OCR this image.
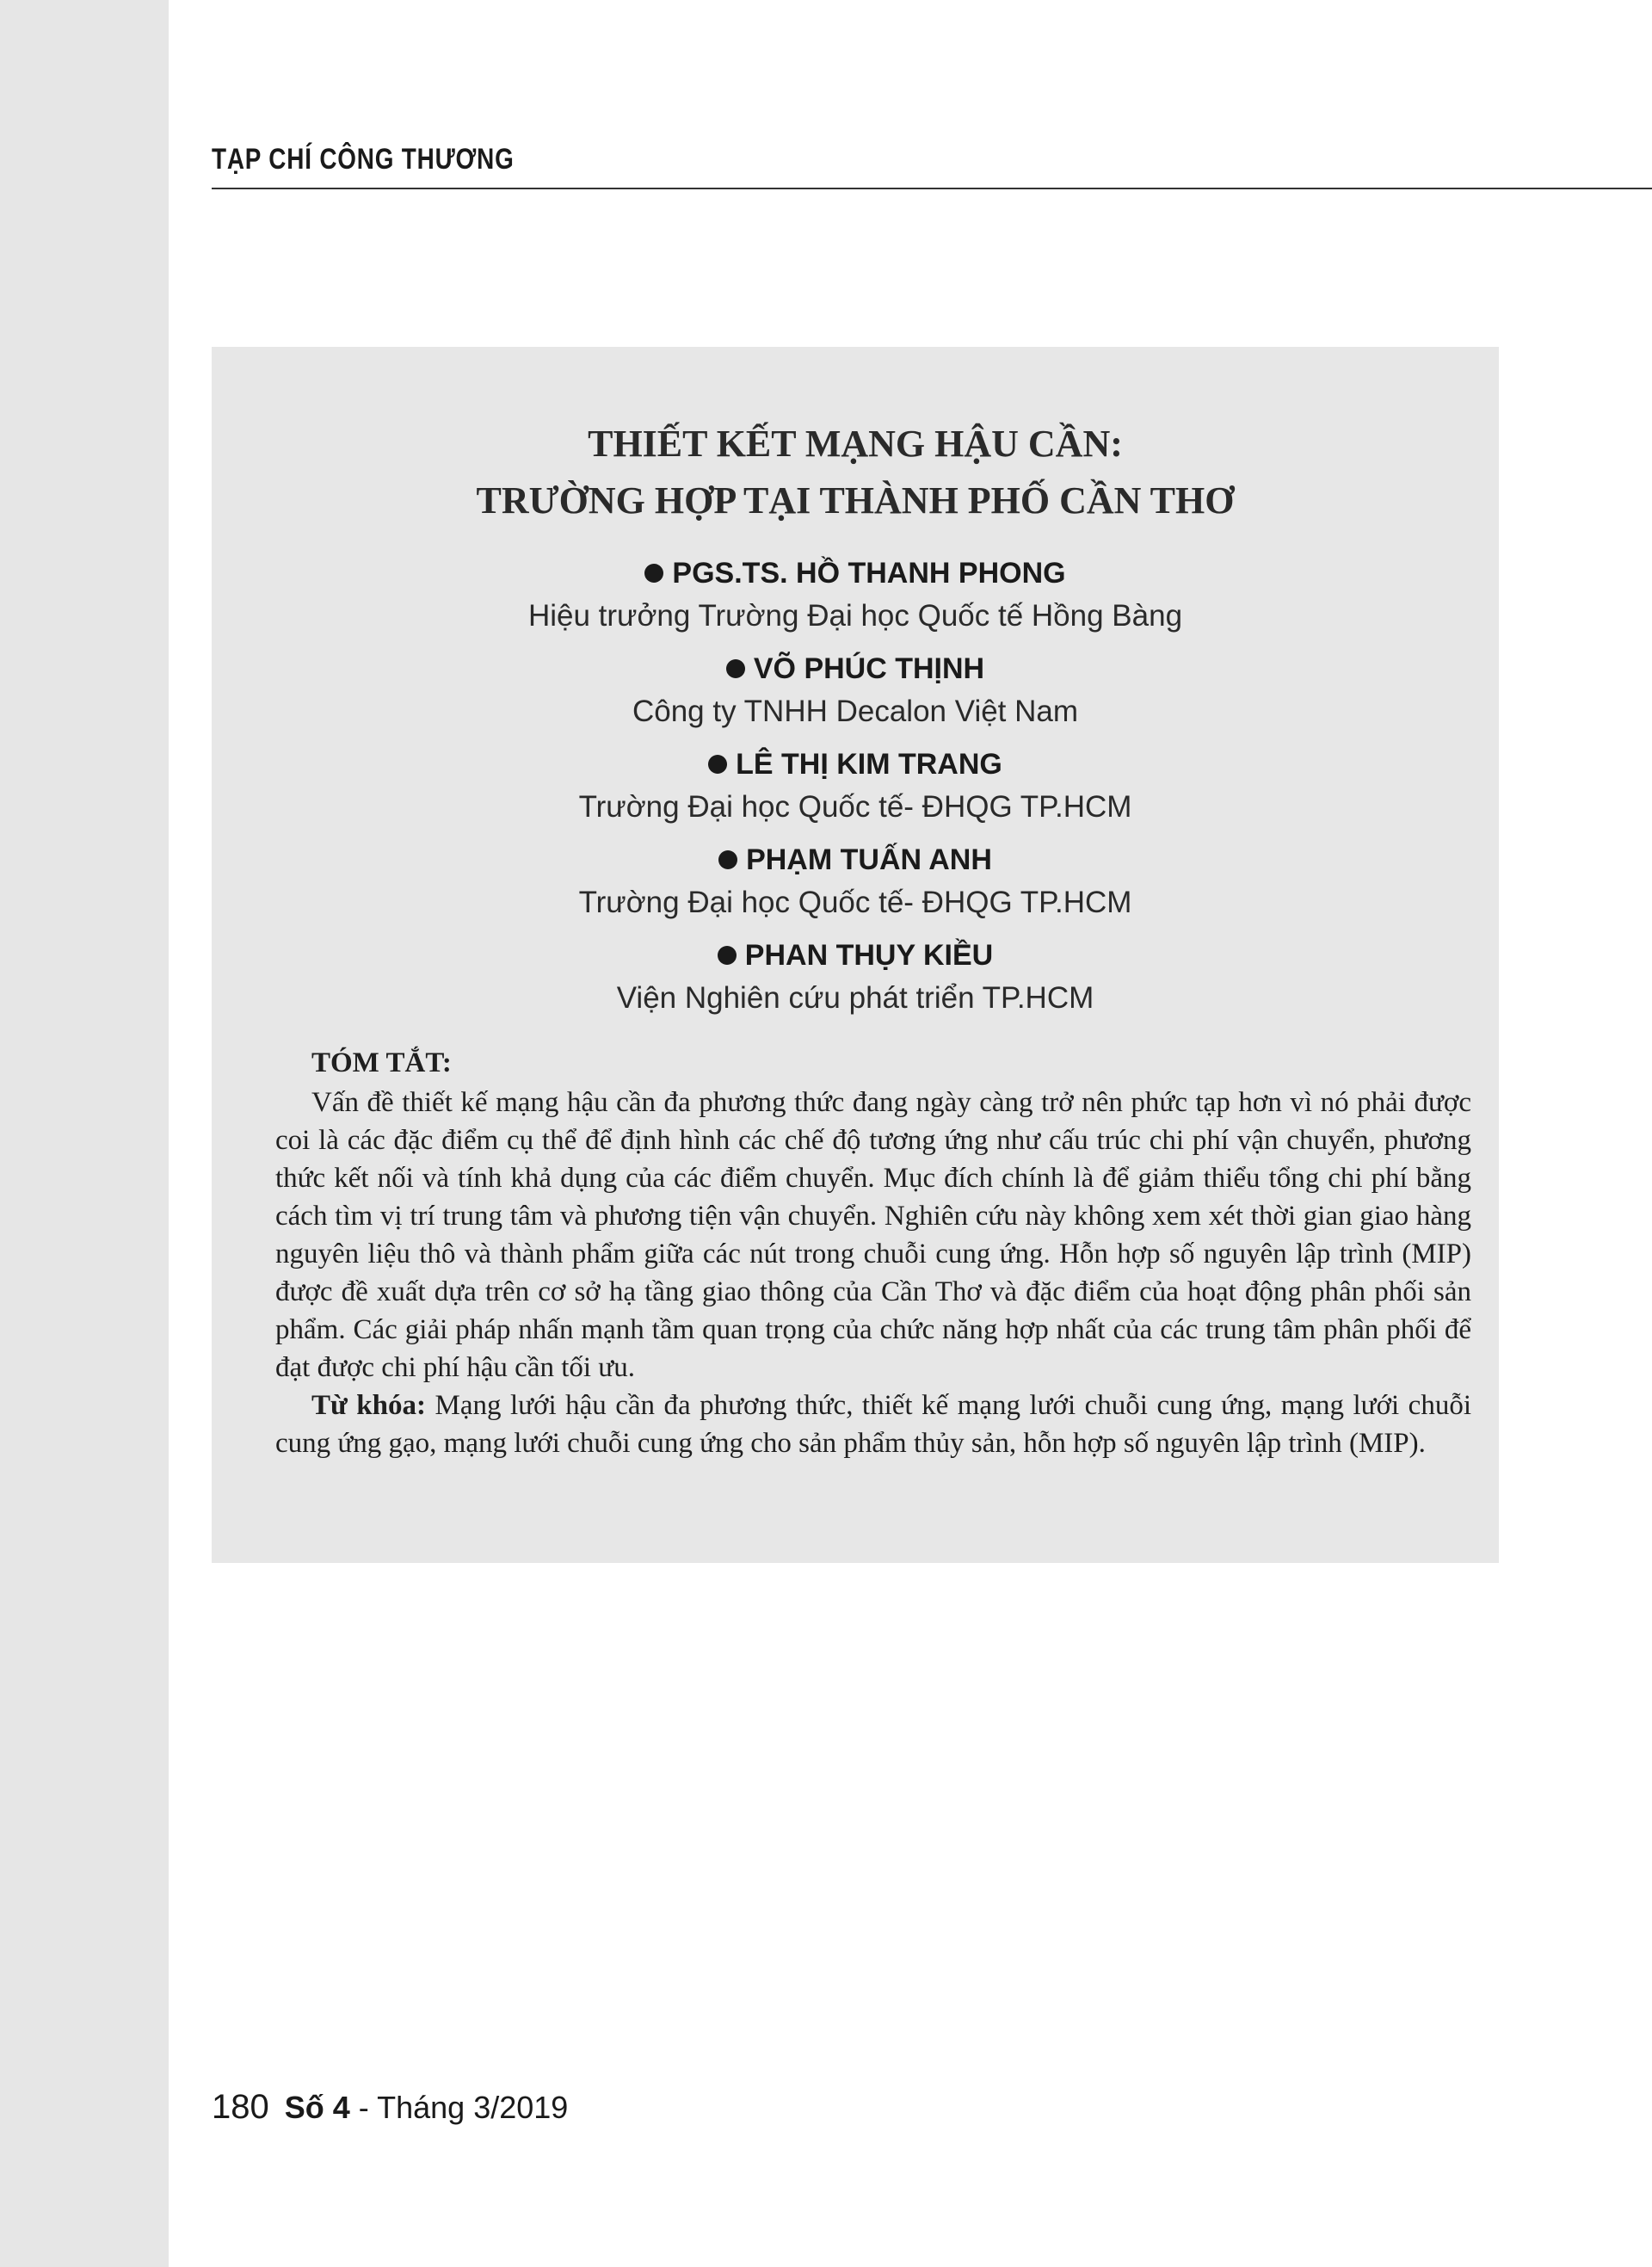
TẠP CHÍ CÔNG THƯƠNG
THIẾT KẾT MẠNG HẬU CẦN:
TRƯỜNG HỢP TẠI THÀNH PHỐ CẦN THƠ
PGS.TS. HỒ THANH PHONG
Hiệu trưởng Trường Đại học Quốc tế Hồng Bàng
VÕ PHÚC THỊNH
Công ty TNHH Decalon Việt Nam
LÊ THỊ KIM TRANG
Trường Đại học Quốc tế- ĐHQG TP.HCM
PHẠM TUẤN ANH
Trường Đại học Quốc tế- ĐHQG TP.HCM
PHAN THỤY KIỀU
Viện Nghiên cứu phát triển TP.HCM
TÓM TẮT:

Vấn đề thiết kế mạng hậu cần đa phương thức đang ngày càng trở nên phức tạp hơn vì nó phải được coi là các đặc điểm cụ thể để định hình các chế độ tương ứng như cấu trúc chi phí vận chuyển, phương thức kết nối và tính khả dụng của các điểm chuyển. Mục đích chính là để giảm thiểu tổng chi phí bằng cách tìm vị trí trung tâm và phương tiện vận chuyển. Nghiên cứu này không xem xét thời gian giao hàng nguyên liệu thô và thành phẩm giữa các nút trong chuỗi cung ứng. Hỗn hợp số nguyên lập trình (MIP) được đề xuất dựa trên cơ sở hạ tầng giao thông của Cần Thơ và đặc điểm của hoạt động phân phối sản phẩm. Các giải pháp nhấn mạnh tầm quan trọng của chức năng hợp nhất của các trung tâm phân phối để đạt được chi phí hậu cần tối ưu.

Từ khóa: Mạng lưới hậu cần đa phương thức, thiết kế mạng lưới chuỗi cung ứng, mạng lưới chuỗi cung ứng gạo, mạng lưới chuỗi cung ứng cho sản phẩm thủy sản, hỗn hợp số nguyên lập trình (MIP).

180 Số 4 - Tháng 3/2019
